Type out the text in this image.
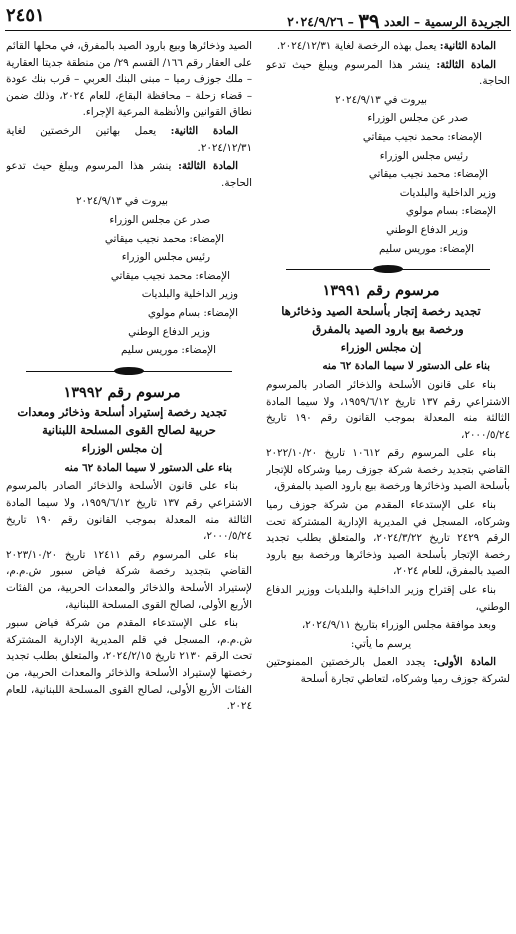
الجريدة الرسمية – العدد ٣٩ – ٢٠٢٤/٩/٢٦
٢٤٥١

المادة الثانية: يعمل بهذه الرخصة لغاية ٢٠٢٤/١٢/٣١.

المادة الثالثة: ينشر هذا المرسوم ويبلغ حيث تدعو الحاجة.

بيروت في ٢٠٢٤/٩/١٣

صدر عن مجلس الوزراء

الإمضاء: محمد نجيب ميقاتي

رئيس مجلس الوزراء

الإمضاء: محمد نجيب ميقاتي

وزير الداخلية والبلديات

الإمضاء: بسام مولوي

وزير الدفاع الوطني

الإمضاء: موريس سليم

مرسوم رقم ١٣٩٩١

تجديد رخصة إتجار بأسلحة الصيد وذخائرها ورخصة بيع بارود الصيد بالمفرق

إن مجلس الوزراء

بناء على الدستور لا سيما المادة ٦٢ منه

بناء على قانون الأسلحة والذخائر الصادر بالمرسوم الاشتراعي رقم ١٣٧ تاريخ ١٩٥٩/٦/١٢، ولا سيما المادة الثالثة منه المعدلة بموجب القانون رقم ١٩٠ تاريخ ٢٠٠٠/٥/٢٤،

بناء على المرسوم رقم ١٠٦١٢ تاريخ ٢٠٢٢/١٠/٢٠ القاضي بتجديد رخصة شركة جوزف رميا وشركاه للإتجار بأسلحة الصيد وذخائرها ورخصة بيع بارود الصيد بالمفرق،

بناء على الإستدعاء المقدم من شركة جوزف رميا وشركاه، المسجل في المديرية الإدارية المشتركة تحت الرقم ٢٤٢٩ تاريخ ٢٠٢٤/٣/٢٢، والمتعلق بطلب تجديد رخصة الإتجار بأسلحة الصيد وذخائرها ورخصة بيع بارود الصيد بالمفرق، للعام ٢٠٢٤،

بناء على إقتراح وزير الداخلية والبلديات ووزير الدفاع الوطني،

وبعد موافقة مجلس الوزراء بتاريخ ٢٠٢٤/٩/١١،

يرسم ما يأتي:

المادة الأولى: يجدد العمل بالرخصتين الممنوحتين لشركة جوزف رميا وشركاه، لتعاطي تجارة أسلحة

الصيد وذخائرها وبيع بارود الصيد بالمفرق، في محلها القائم على العقار رقم ١٦٦/ القسم ٢٩/ من منطقة جديتا العقارية – ملك جوزف رميا – مبنى البنك العربي – قرب بنك عودة – قضاء زحلة – محافظة البقاع، للعام ٢٠٢٤، وذلك ضمن نطاق القوانين والأنظمة المرعية الإجراء.

المادة الثانية: يعمل بهاتين الرخصتين لغاية ٢٠٢٤/١٢/٣١.

المادة الثالثة: ينشر هذا المرسوم ويبلغ حيث تدعو الحاجة.

بيروت في ٢٠٢٤/٩/١٣

صدر عن مجلس الوزراء

الإمضاء: محمد نجيب ميقاتي

رئيس مجلس الوزراء

الإمضاء: محمد نجيب ميقاتي

وزير الداخلية والبلديات

الإمضاء: بسام مولوي

وزير الدفاع الوطني

الإمضاء: موريس سليم

مرسوم رقم ١٣٩٩٢

تجديد رخصة إستيراد أسلحة وذخائر ومعدات حربية لصالح القوى المسلحة اللبنانية

إن مجلس الوزراء

بناء على الدستور لا سيما المادة ٦٢ منه

بناء على قانون الأسلحة والذخائر الصادر بالمرسوم الاشتراعي رقم ١٣٧ تاريخ ١٩٥٩/٦/١٢، ولا سيما المادة الثالثة منه المعدلة بموجب القانون رقم ١٩٠ تاريخ ٢٠٠٠/٥/٢٤،

بناء على المرسوم رقم ١٢٤١١ تاريخ ٢٠٢٣/١٠/٢٠ القاضي بتجديد رخصة شركة فياض سبور ش.م.م، لإستيراد الأسلحة والذخائر والمعدات الحربية، من الفئات الأربع الأولى، لصالح القوى المسلحة اللبنانية،

بناء على الإستدعاء المقدم من شركة فياض سبور ش.م.م، المسجل في قلم المديرية الإدارية المشتركة تحت الرقم ٢١٣٠ تاريخ ٢٠٢٤/٢/١٥، والمتعلق بطلب تجديد رخصتها لإستيراد الأسلحة والذخائر والمعدات الحربية، من الفئات الأربع الأولى، لصالح القوى المسلحة اللبنانية، للعام ٢٠٢٤.
